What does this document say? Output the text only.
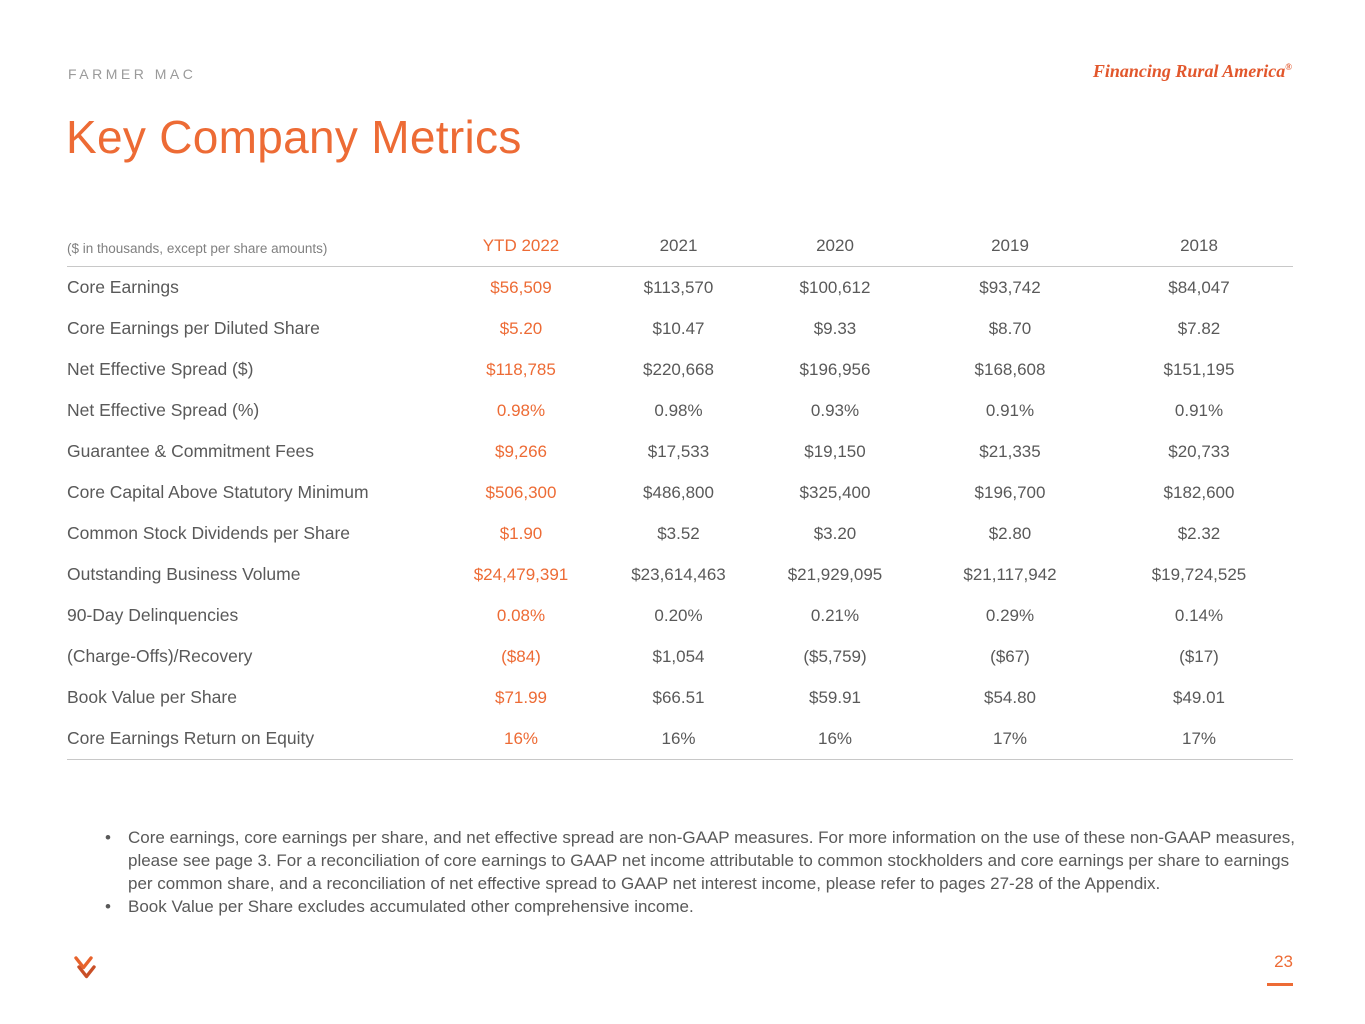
FARMER MAC	Financing Rural America®
Key Company Metrics
($ in thousands, except per share amounts)	YTD 2022	2021	2020	2019	2018
Core Earnings	$56,509	$113,570	$100,612	$93,742	$84,047
Core Earnings per Diluted Share	$5.20	$10.47	$9.33	$8.70	$7.82
Net Effective Spread ($)	$118,785	$220,668	$196,956	$168,608	$151,195
Net Effective Spread (%)	0.98%	0.98%	0.93%	0.91%	0.91%
Guarantee & Commitment Fees	$9,266	$17,533	$19,150	$21,335	$20,733
Core Capital Above Statutory Minimum	$506,300	$486,800	$325,400	$196,700	$182,600
Common Stock Dividends per Share	$1.90	$3.52	$3.20	$2.80	$2.32
Outstanding Business Volume	$24,479,391	$23,614,463	$21,929,095	$21,117,942	$19,724,525
90-Day Delinquencies	0.08%	0.20%	0.21%	0.29%	0.14%
(Charge-Offs)/Recovery	($84)	$1,054	($5,759)	($67)	($17)
Book Value per Share	$71.99	$66.51	$59.91	$54.80	$49.01
Core Earnings Return on Equity	16%	16%	16%	17%	17%
• Core earnings, core earnings per share, and net effective spread are non-GAAP measures. For more information on the use of these non-GAAP measures, please see page 3. For a reconciliation of core earnings to GAAP net income attributable to common stockholders and core earnings per share to earnings per common share, and a reconciliation of net effective spread to GAAP net interest income, please refer to pages 27-28 of the Appendix.
• Book Value per Share excludes accumulated other comprehensive income.
23
